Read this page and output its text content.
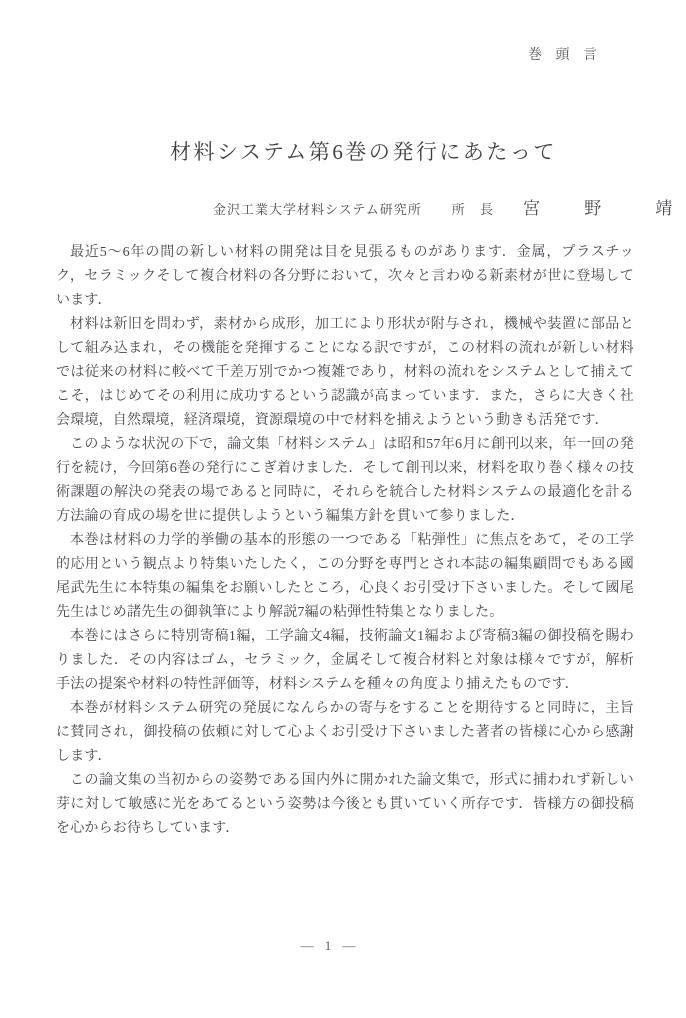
巻 頭 言
材料システム第6巻の発行にあたって
金沢工業大学材料システム研究所 所 長 宮 野 靖

最近5～6年の間の新しい材料の開発は目を見張るものがあります．金属，プラスチック，セラミックそして複合材料の各分野において，次々と言わゆる新素材が世に登場しています．

材料は新旧を問わず，素材から成形，加工により形状が附与され，機械や装置に部品として組み込まれ，その機能を発揮することになる訳ですが，この材料の流れが新しい材料では従来の材料に較べて千差万別でかつ複雑であり，材料の流れをシステムとして捕えてこそ，はじめてその利用に成功するという認識が高まっています．また，さらに大きく社会環境，自然環境，経済環境，資源環境の中で材料を捕えようという動きも活発です．

このような状況の下で，論文集「材料システム」は昭和57年6月に創刊以来，年一回の発行を続け，今回第6巻の発行にこぎ着けました．そして創刊以来，材料を取り巻く様々の技術課題の解決の発表の場であると同時に，それらを統合した材料システムの最適化を計る方法論の育成の場を世に提供しようという編集方針を貫いて参りました．

本巻は材料の力学的挙働の基本的形態の一つである「粘弾性」に焦点をあて，その工学的応用という観点より特集いたしたく，この分野を専門とされ本誌の編集顧問でもある國尾武先生に本特集の編集をお願いしたところ，心良くお引受け下さいました。そして國尾先生はじめ諸先生の御執筆により解説7編の粘弾性特集となりました。

本巻にはさらに特別寄稿1編，工学論文4編，技術論文1編および寄稿3編の御投稿を賜わりました．その内容はゴム，セラミック，金属そして複合材料と対象は様々ですが，解析手法の提案や材料の特性評価等，材料システムを種々の角度より捕えたものです．

本巻が材料システム研究の発展になんらかの寄与をすることを期待すると同時に，主旨に賛同され，御投稿の依頼に対して心よくお引受け下さいました著者の皆様に心から感謝します．

この論文集の当初からの姿勢である国内外に開かれた論文集で，形式に捕われず新しい芽に対して敏感に光をあてるという姿勢は今後とも貫いていく所存です．皆様方の御投稿を心からお待ちしています．

— 1 —
